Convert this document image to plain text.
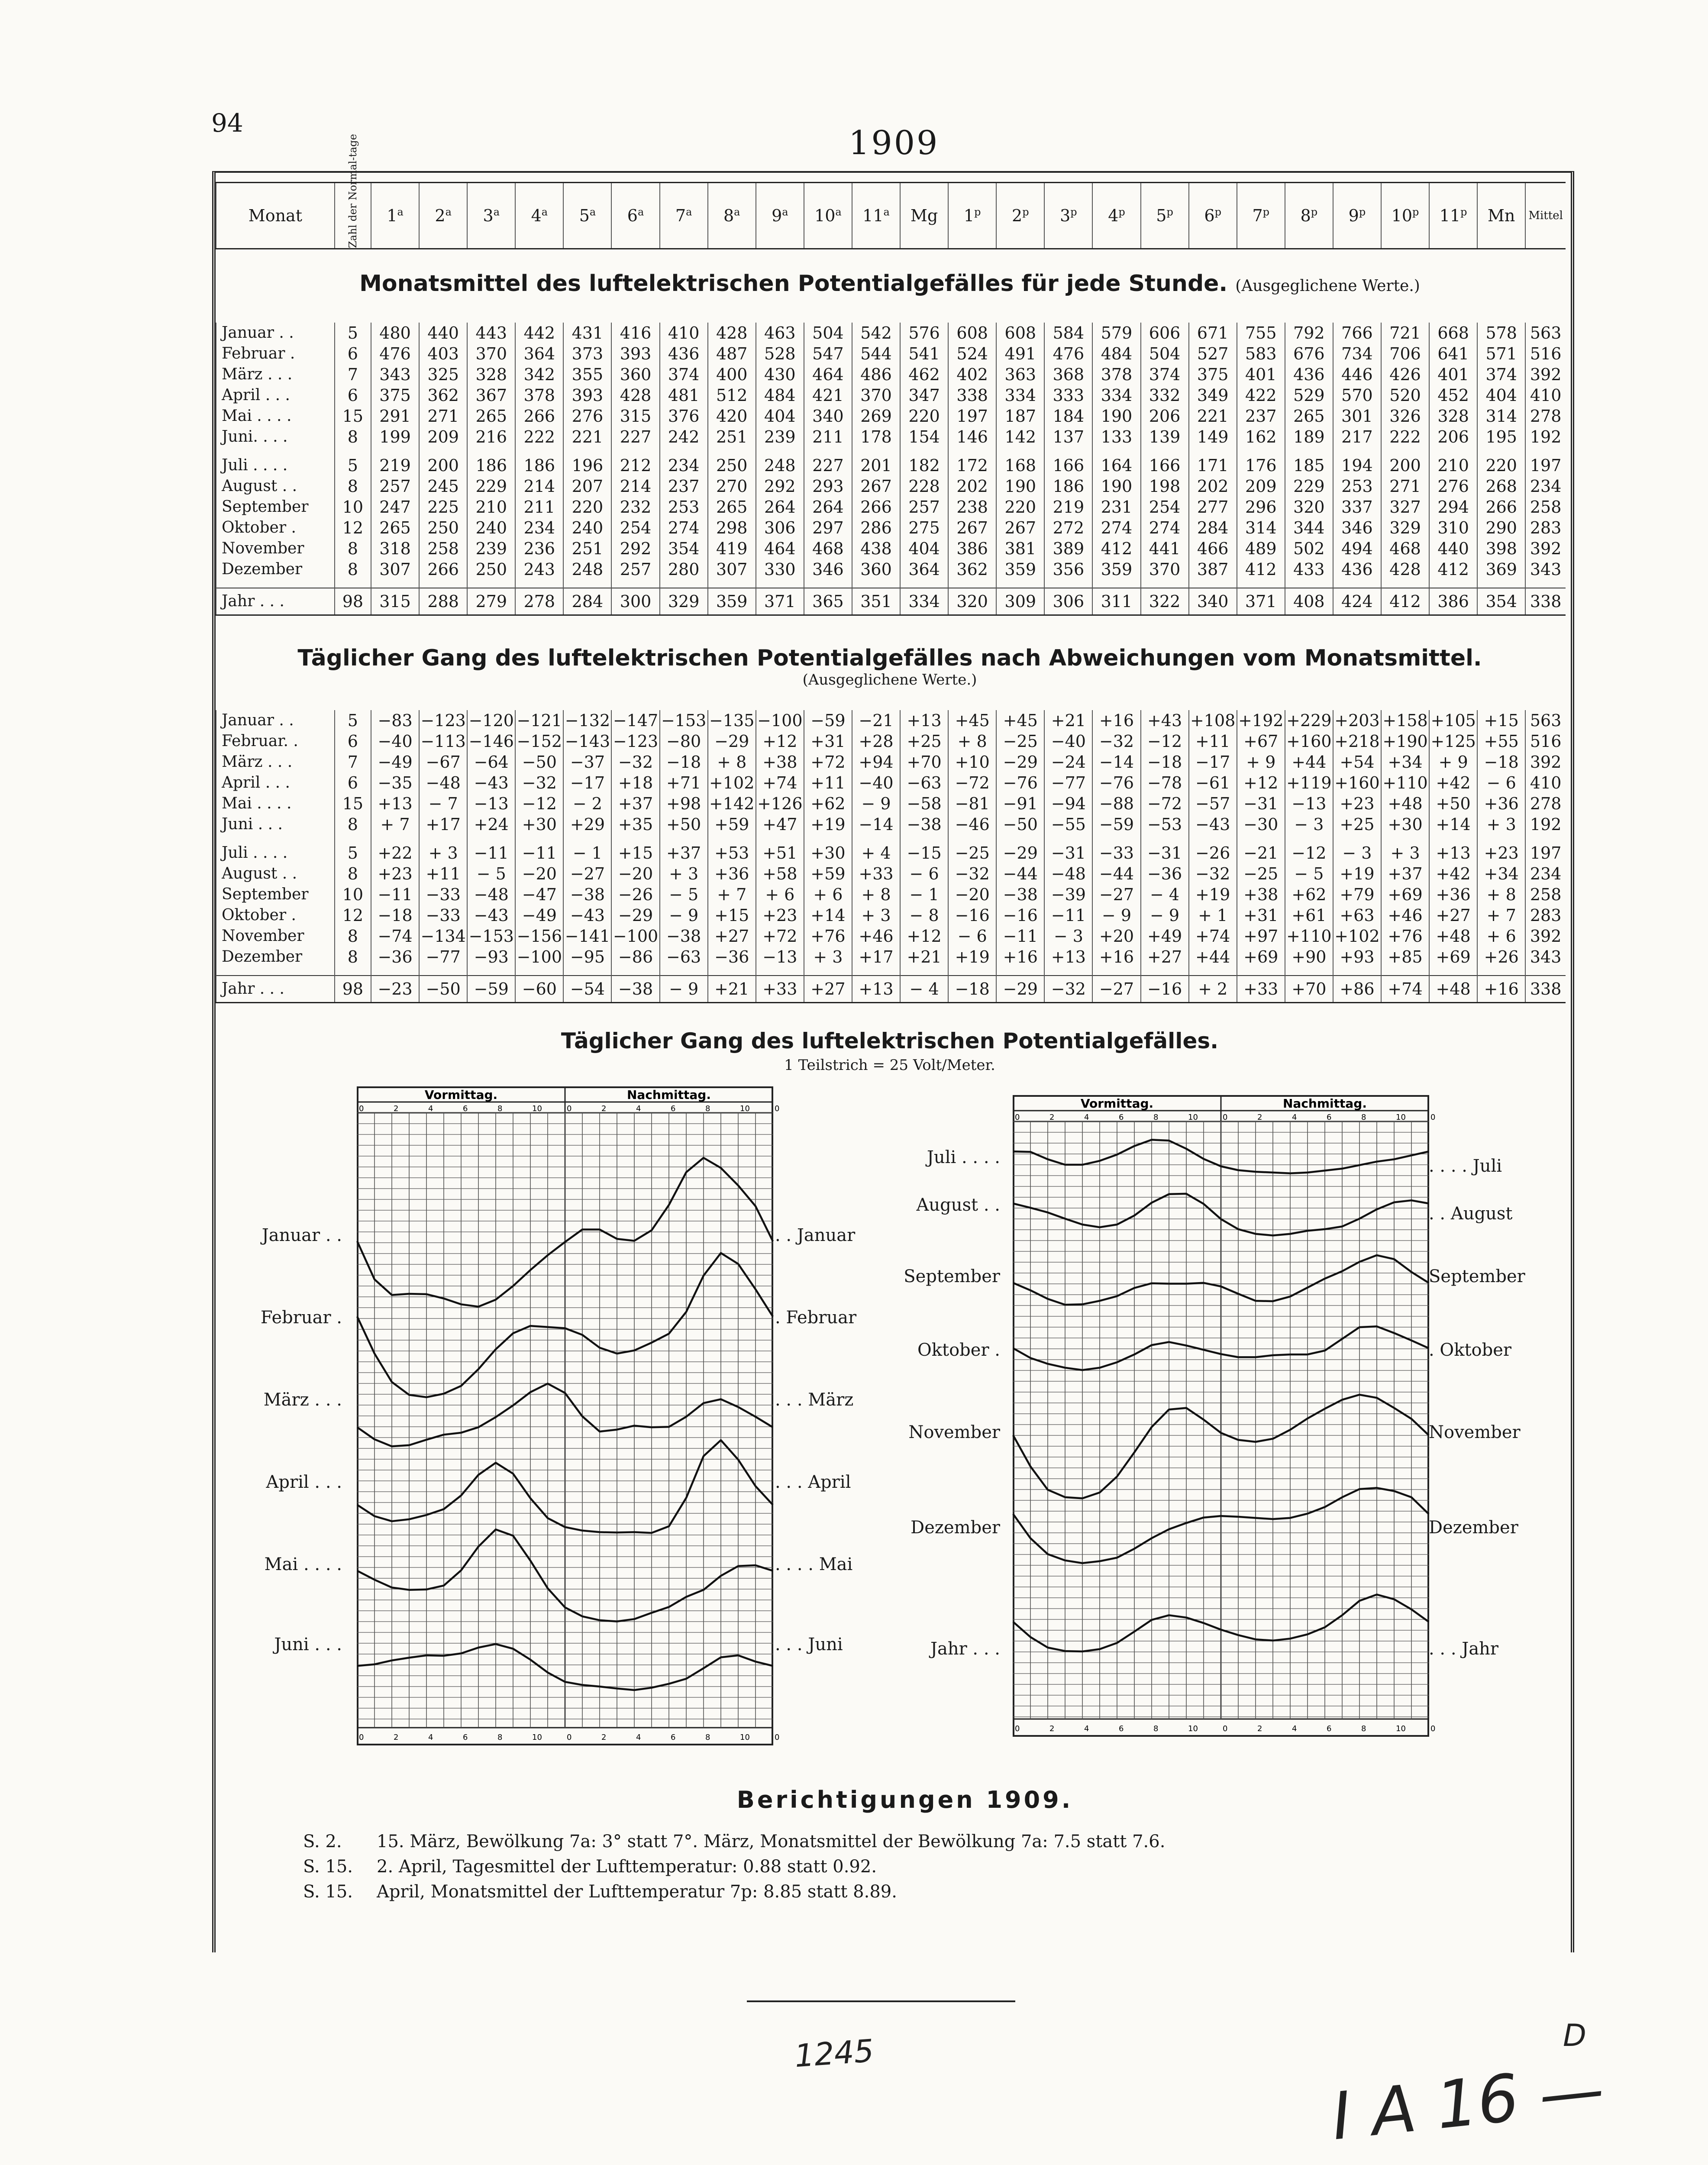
94
1909
Monat	Zahl der Normal-tage	1$^a$	2$^a$	3$^a$	4$^a$	5$^a$	6$^a$	7$^a$	8$^a$	9$^a$	10$^a$	11$^a$	Mg	1$^p$	2$^p$	3$^p$	4$^p$	5$^p$	6$^p$	7$^p$	8$^p$	9$^p$	10$^p$	11$^p$	Mn	Mittel
Monatsmittel des luftelektrischen Potentialgefälles für jede Stunde. (Ausgeglichene Werte.)
Januar . .	5	480	440	443	442	431	416	410	428	463	504	542	576	608	608	584	579	606	671	755	792	766	721	668	578	563
Februar .	6	476	403	370	364	373	393	436	487	528	547	544	541	524	491	476	484	504	527	583	676	734	706	641	571	516
März . . .	7	343	325	328	342	355	360	374	400	430	464	486	462	402	363	368	378	374	375	401	436	446	426	401	374	392
April . . .	6	375	362	367	378	393	428	481	512	484	421	370	347	338	334	333	334	332	349	422	529	570	520	452	404	410
Mai . . . .	15	291	271	265	266	276	315	376	420	404	340	269	220	197	187	184	190	206	221	237	265	301	326	328	314	278
Juni. . . .	8	199	209	216	222	221	227	242	251	239	211	178	154	146	142	137	133	139	149	162	189	217	222	206	195	192

Juli . . . .	5	219	200	186	186	196	212	234	250	248	227	201	182	172	168	166	164	166	171	176	185	194	200	210	220	197
August . .	8	257	245	229	214	207	214	237	270	292	293	267	228	202	190	186	190	198	202	209	229	253	271	276	268	234
September	10	247	225	210	211	220	232	253	265	264	264	266	257	238	220	219	231	254	277	296	320	337	327	294	266	258
Oktober .	12	265	250	240	234	240	254	274	298	306	297	286	275	267	267	272	274	274	284	314	344	346	329	310	290	283
November	8	318	258	239	236	251	292	354	419	464	468	438	404	386	381	389	412	441	466	489	502	494	468	440	398	392
Dezember	8	307	266	250	243	248	257	280	307	330	346	360	364	362	359	356	359	370	387	412	433	436	428	412	369	343

Jahr . . .	98	315	288	279	278	284	300	329	359	371	365	351	334	320	309	306	311	322	340	371	408	424	412	386	354	338
Täglicher Gang des luftelektrischen Potentialgefälles nach Abweichungen vom Monatsmittel.
(Ausgeglichene Werte.)
Januar . .	5	−83	−123	−120	−121	−132	−147	−153	−135	−100	−59	−21	+13	+45	+45	+21	+16	+43	+108	+192	+229	+203	+158	+105	+15	563
Februar. .	6	−40	−113	−146	−152	−143	−123	−80	−29	+12	+31	+28	+25	+ 8	−25	−40	−32	−12	+11	+67	+160	+218	+190	+125	+55	516
März . . .	7	−49	−67	−64	−50	−37	−32	−18	+ 8	+38	+72	+94	+70	+10	−29	−24	−14	−18	−17	+ 9	+44	+54	+34	+ 9	−18	392
April . . .	6	−35	−48	−43	−32	−17	+18	+71	+102	+74	+11	−40	−63	−72	−76	−77	−76	−78	−61	+12	+119	+160	+110	+42	− 6	410
Mai . . . .	15	+13	− 7	−13	−12	− 2	+37	+98	+142	+126	+62	− 9	−58	−81	−91	−94	−88	−72	−57	−31	−13	+23	+48	+50	+36	278
Juni . . .	8	+ 7	+17	+24	+30	+29	+35	+50	+59	+47	+19	−14	−38	−46	−50	−55	−59	−53	−43	−30	− 3	+25	+30	+14	+ 3	192

Juli . . . .	5	+22	+ 3	−11	−11	− 1	+15	+37	+53	+51	+30	+ 4	−15	−25	−29	−31	−33	−31	−26	−21	−12	− 3	+ 3	+13	+23	197
August . .	8	+23	+11	− 5	−20	−27	−20	+ 3	+36	+58	+59	+33	− 6	−32	−44	−48	−44	−36	−32	−25	− 5	+19	+37	+42	+34	234
September	10	−11	−33	−48	−47	−38	−26	− 5	+ 7	+ 6	+ 6	+ 8	− 1	−20	−38	−39	−27	− 4	+19	+38	+62	+79	+69	+36	+ 8	258
Oktober .	12	−18	−33	−43	−49	−43	−29	− 9	+15	+23	+14	+ 3	− 8	−16	−16	−11	− 9	− 9	+ 1	+31	+61	+63	+46	+27	+ 7	283
November	8	−74	−134	−153	−156	−141	−100	−38	+27	+72	+76	+46	+12	− 6	−11	− 3	+20	+49	+74	+97	+110	+102	+76	+48	+ 6	392
Dezember	8	−36	−77	−93	−100	−95	−86	−63	−36	−13	+ 3	+17	+21	+19	+16	+13	+16	+27	+44	+69	+90	+93	+85	+69	+26	343

Jahr . . .	98	−23	−50	−59	−60	−54	−38	− 9	+21	+33	+27	+13	− 4	−18	−29	−32	−27	−16	+ 2	+33	+70	+86	+74	+48	+16	338
Täglicher Gang des luftelektrischen Potentialgefälles.
1 Teilstrich = 25 Volt/Meter.
Vormittag.	Nachmittag.
0
0
2
2
4
4
6
6
8
8
10
10
0
0
2
2
4
4
6
6
8
8
10
10
0
0
Vormittag.	Nachmittag.
0
0
2
2
4
4
6
6
8
8
10
10
0
0
2
2
4
4
6
6
8
8
10
10
0
0
Januar . .
Februar .
März . . .
April . . .
Mai . . . .
Juni . . .
. . Januar
. Februar
. . . März
. . . April
. . . . Mai
. . . Juni
Juli . . . .
August . .
September
Oktober .
November
Dezember
Jahr . . .
. . . . Juli
. . August
September
. Oktober
November
Dezember
. . . Jahr
Berichtigungen 1909.
S. 2. 15. März, Bewölkung 7a: 3° statt 7°. März, Monatsmittel der Bewölkung 7a: 7.5 statt 7.6.
S. 15. 2. April, Tagesmittel der Lufttemperatur: 0.88 statt 0.92.
S. 15. April, Monatsmittel der Lufttemperatur 7p: 8.85 statt 8.89.
1245	I A 16 —
D
